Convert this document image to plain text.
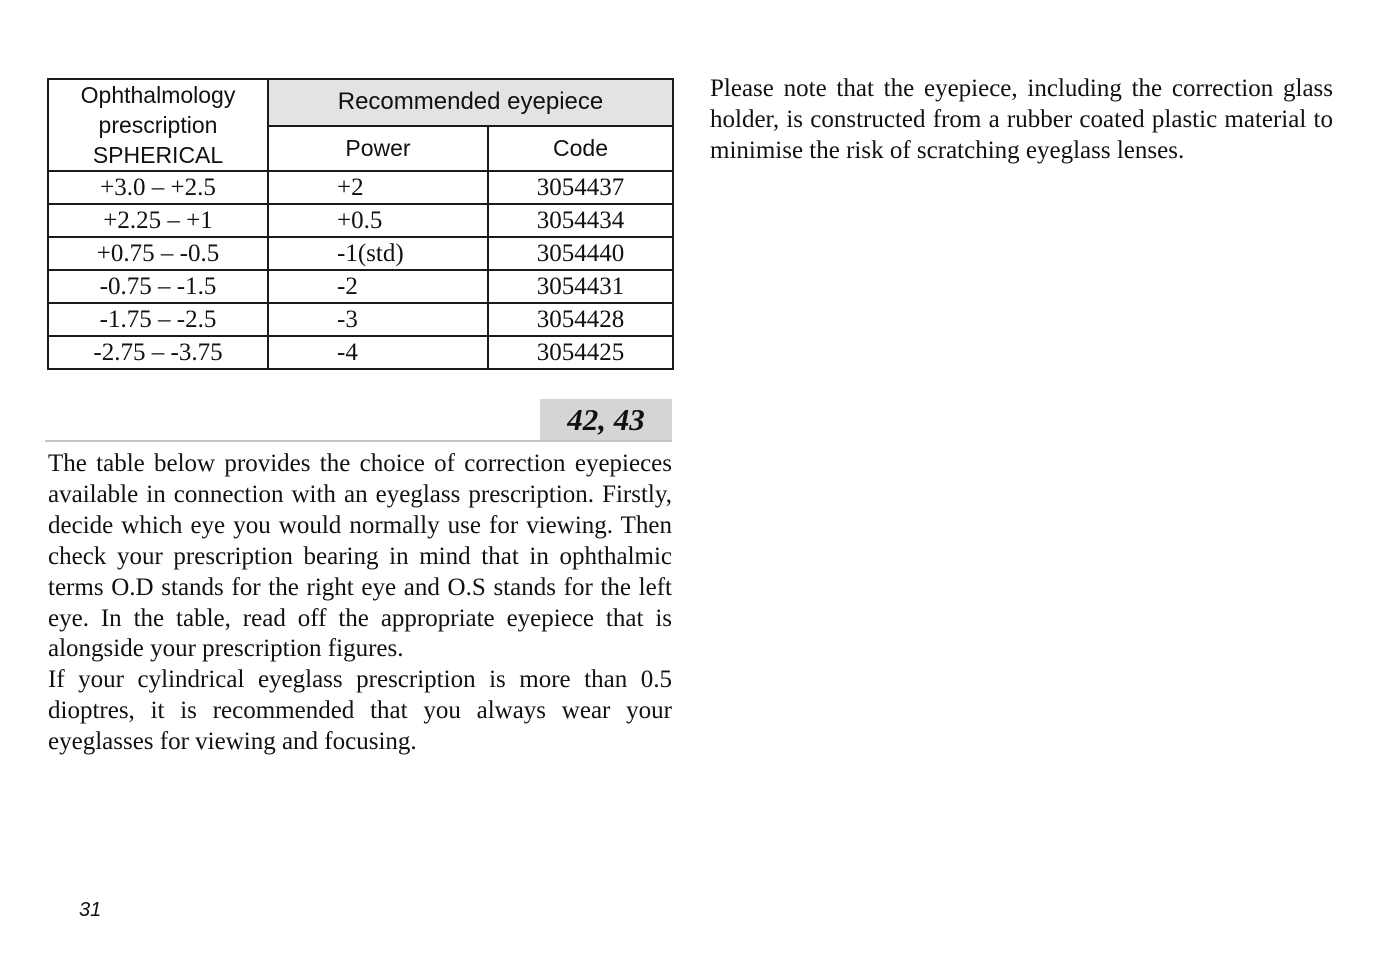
Ophthalmology
prescription
SPHERICAL	Recommended eyepiece	
	Power	Code
+3.0 – +2.5	+2	3054437
+2.25 – +1	+0.5	3054434
+0.75 – -0.5	-1(std)	3054440
-0.75 – -1.5	-2	3054431
-1.75 – -2.5	-3	3054428
-2.75 – -3.75	-4	3054425
42, 43

The table below provides the choice of correction eyepieces available in connection with an eyeglass prescription. Firstly, decide which eye you would normally use for viewing. Then check your prescription bearing in mind that in ophthalmic terms O.D stands for the right eye and O.S stands for the left eye. In the table, read off the appropriate eyepiece that is alongside your prescription figures.
If your cylindrical eyeglass prescription is more than 0.5 dioptres, it is recommended that you always wear your eyeglasses for viewing and focusing.

Please note that the eyepiece, including the correction glass holder, is constructed from a rubber coated plastic material to minimise the risk of scratching eyeglass lenses.

31
